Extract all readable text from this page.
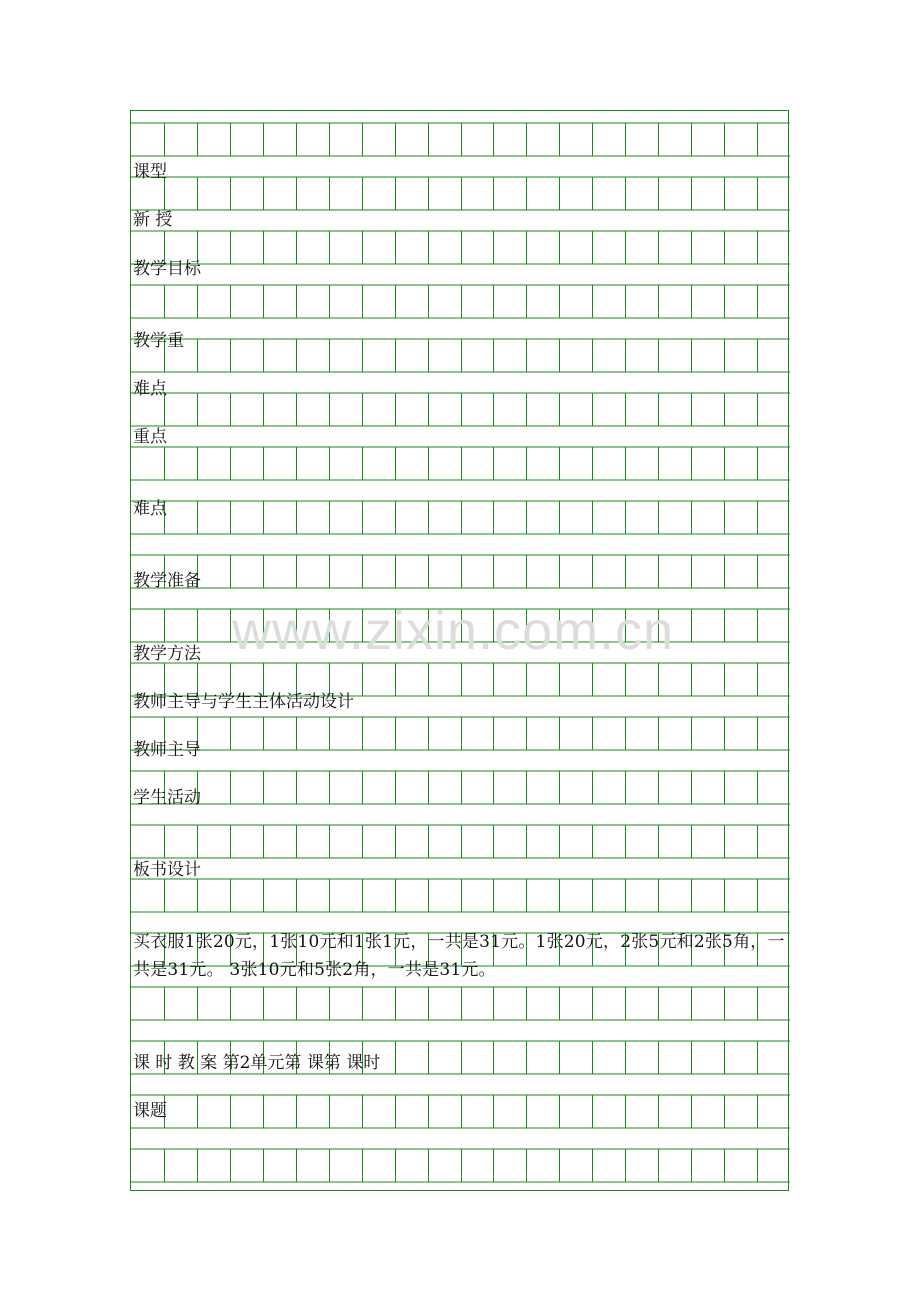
课型
新 授
教学目标
教学重
难点
重点
难点
教学准备
教学方法
教师主导与学生主体活动设计
教师主导
学生活动
板书设计
买衣服1张20元，1张10元和1张1元，一共是31元。1张20元，2张5元和2张5角，一共是31元。 3张10元和5张2角，一共是31元。
课 时 教 案 第2单元第 课第 课时
课题
www.zixin.com.cn
